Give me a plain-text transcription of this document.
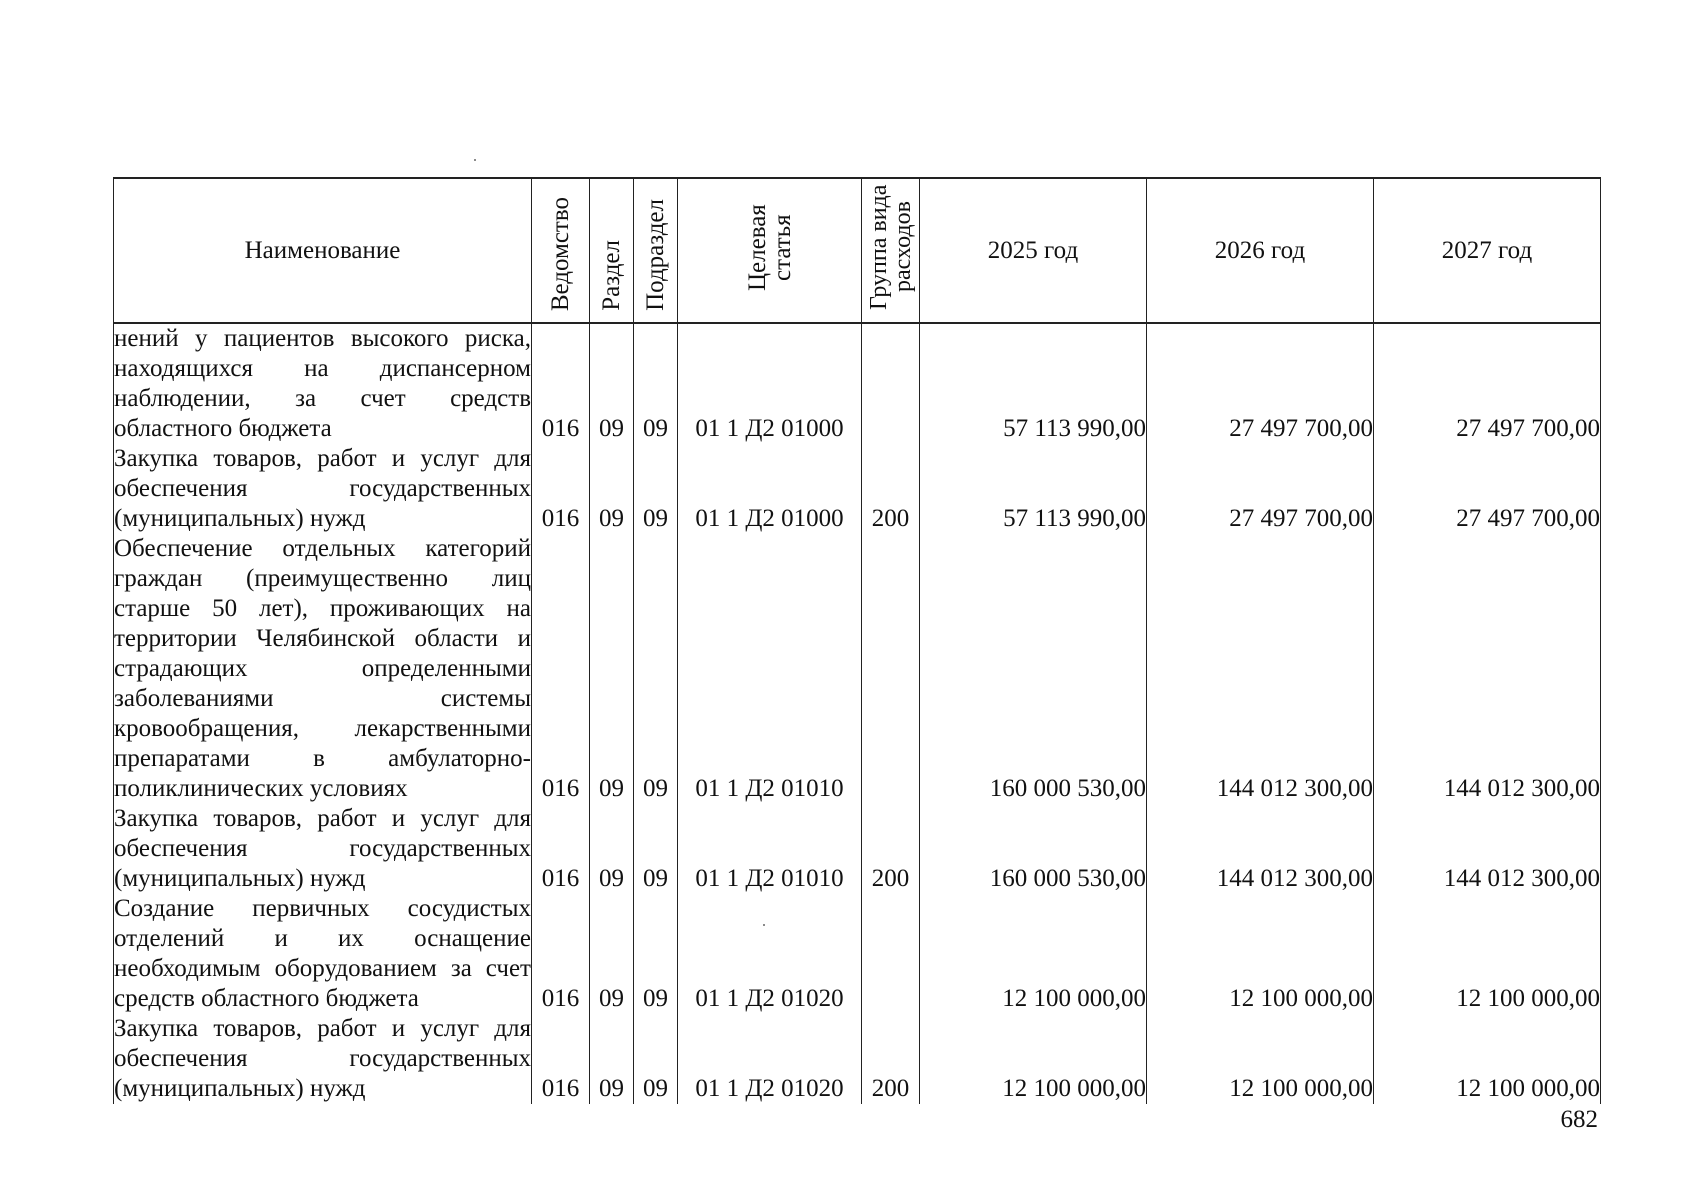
Наименование	Ведомство	Раздел	Подраздел	Целевая статья	Группа вида расходов	2025 год	2026 год	2027 год
нений у пациентов высокого риска, находящихся на диспансерном наблюдении, за счет средств областного бюджета	016	09	09	01 1 Д2 01000		57 113 990,00	27 497 700,00	27 497 700,00
Закупка товаров, работ и услуг для обеспечения государственных (муниципальных) нужд	016	09	09	01 1 Д2 01000	200	57 113 990,00	27 497 700,00	27 497 700,00
Обеспечение отдельных категорий граждан (преимущественно лиц старше 50 лет), проживающих на территории Челябинской области и страдающих определенными заболеваниями системы кровообращения, лекарственными препаратами в амбулаторно-поликлинических условиях	016	09	09	01 1 Д2 01010		160 000 530,00	144 012 300,00	144 012 300,00
Закупка товаров, работ и услуг для обеспечения государственных (муниципальных) нужд	016	09	09	01 1 Д2 01010	200	160 000 530,00	144 012 300,00	144 012 300,00
Создание первичных сосудистых отделений и их оснащение необходимым оборудованием за счет средств областного бюджета	016	09	09	01 1 Д2 01020		12 100 000,00	12 100 000,00	12 100 000,00
Закупка товаров, работ и услуг для обеспечения государственных (муниципальных) нужд	016	09	09	01 1 Д2 01020	200	12 100 000,00	12 100 000,00	12 100 000,00
682
